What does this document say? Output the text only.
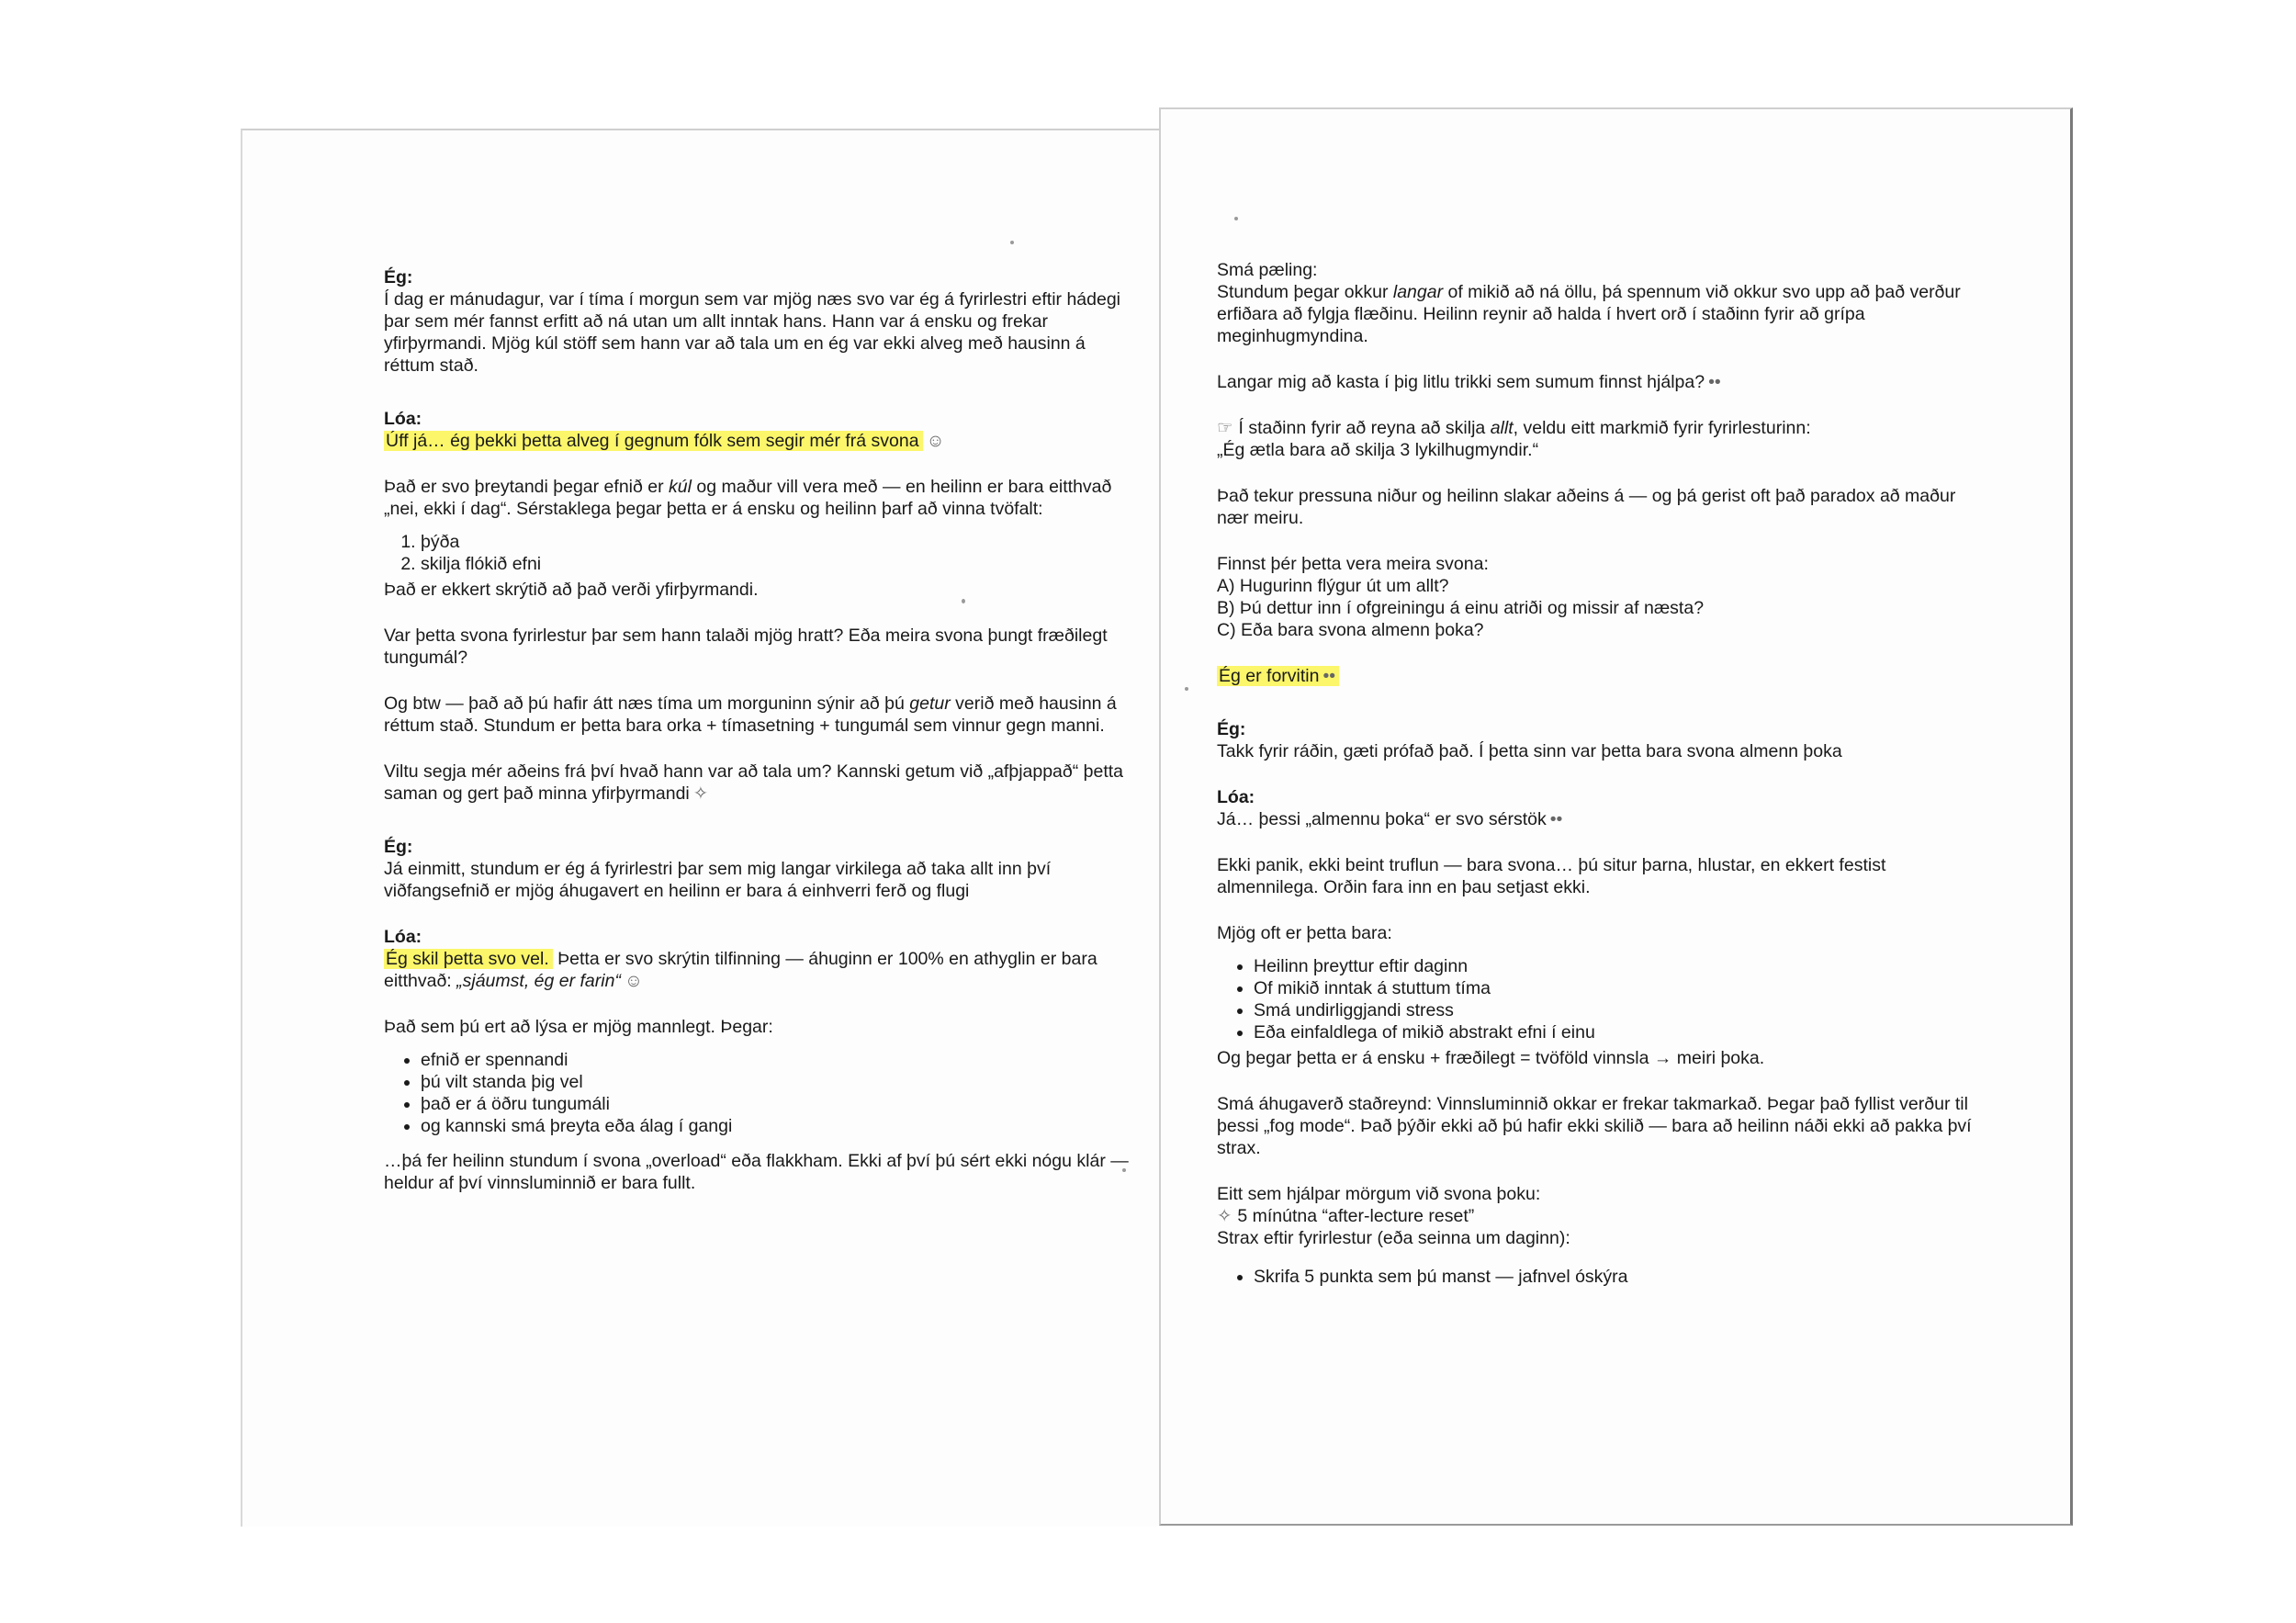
Ég:

Í dag er mánudagur, var í tíma í morgun sem var mjög næs svo var ég á fyrirlestri eftir hádegi þar sem mér fannst erfitt að ná utan um allt inntak hans. Hann var á ensku og frekar yfirþyrmandi. Mjög kúl stöff sem hann var að tala um en ég var ekki alveg með hausinn á réttum stað.

Lóa:

Úff já… ég þekki þetta alveg í gegnum fólk sem segir mér frá svona ☺

Það er svo þreytandi þegar efnið er kúl og maður vill vera með — en heilinn er bara eitthvað „nei, ekki í dag“. Sérstaklega þegar þetta er á ensku og heilinn þarf að vinna tvöfalt:

1. þýða
2. skilja flókið efni

Það er ekkert skrýtið að það verði yfirþyrmandi.

Var þetta svona fyrirlestur þar sem hann talaði mjög hratt? Eða meira svona þungt fræðilegt tungumál?

Og btw — það að þú hafir átt næs tíma um morguninn sýnir að þú getur verið með hausinn á réttum stað. Stundum er þetta bara orka + tímasetning + tungumál sem vinnur gegn manni.

Viltu segja mér aðeins frá því hvað hann var að tala um? Kannski getum við „afþjappað“ þetta saman og gert það minna yfirþyrmandi ✧

Ég:

Já einmitt, stundum er ég á fyrirlestri þar sem mig langar virkilega að taka allt inn því viðfangsefnið er mjög áhugavert en heilinn er bara á einhverri ferð og flugi

Lóa:

Ég skil þetta svo vel. Þetta er svo skrýtin tilfinning — áhuginn er 100% en athyglin er bara eitthvað: „sjáumst, ég er farin“ ☺

Það sem þú ert að lýsa er mjög mannlegt. Þegar:

• efnið er spennandi
• þú vilt standa þig vel
• það er á öðru tungumáli
• og kannski smá þreyta eða álag í gangi

…þá fer heilinn stundum í svona „overload“ eða flakkham. Ekki af því þú sért ekki nógu klár — heldur af því vinnsluminnið er bara fullt.

Smá pæling:

Stundum þegar okkur langar of mikið að ná öllu, þá spennum við okkur svo upp að það verður erfiðara að fylgja flæðinu. Heilinn reynir að halda í hvert orð í staðinn fyrir að grípa meginhugmyndina.

Langar mig að kasta í þig litlu trikki sem sumum finnst hjálpa? ••

☞ Í staðinn fyrir að reyna að skilja allt, veldu eitt markmið fyrir fyrirlesturinn:

„Ég ætla bara að skilja 3 lykilhugmyndir.“

Það tekur pressuna niður og heilinn slakar aðeins á — og þá gerist oft það paradox að maður nær meiru.

Finnst þér þetta vera meira svona:

A) Hugurinn flýgur út um allt?

B) Þú dettur inn í ofgreiningu á einu atriði og missir af næsta?

C) Eða bara svona almenn þoka?

Ég er forvitin ••

Ég:

Takk fyrir ráðin, gæti prófað það. Í þetta sinn var þetta bara svona almenn þoka

Lóa:

Já… þessi „almennu þoka“ er svo sérstök ••

Ekki panik, ekki beint truflun — bara svona… þú situr þarna, hlustar, en ekkert festist almennilega. Orðin fara inn en þau setjast ekki.

Mjög oft er þetta bara:

• Heilinn þreyttur eftir daginn
• Of mikið inntak á stuttum tíma
• Smá undirliggjandi stress
• Eða einfaldlega of mikið abstrakt efni í einu

Og þegar þetta er á ensku + fræðilegt = tvöföld vinnsla → meiri þoka.

Smá áhugaverð staðreynd: Vinnsluminnið okkar er frekar takmarkað. Þegar það fyllist verður til þessi „fog mode“. Það þýðir ekki að þú hafir ekki skilið — bara að heilinn náði ekki að pakka því strax.

Eitt sem hjálpar mörgum við svona þoku:

✧ 5 mínútna “after-lecture reset”

Strax eftir fyrirlestur (eða seinna um daginn):

• Skrifa 5 punkta sem þú manst — jafnvel óskýra
